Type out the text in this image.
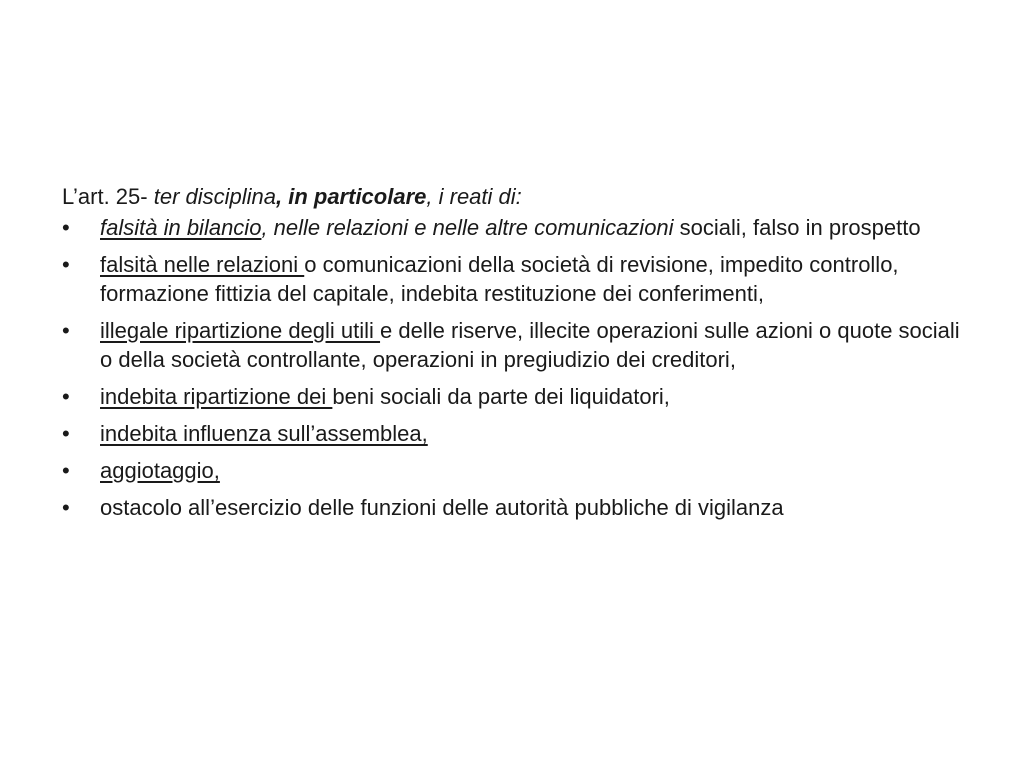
L’art. 25- ter disciplina, in particolare, i reati di:
•	falsità in bilancio, nelle relazioni e nelle altre comunicazioni sociali, falso in prospetto
•	falsità nelle relazioni o comunicazioni della società di revisione, impedito controllo, formazione fittizia del capitale, indebita restituzione dei conferimenti,
•	illegale ripartizione degli utili e delle riserve, illecite operazioni sulle azioni o quote sociali o della società controllante, operazioni in pregiudizio dei creditori,
•	indebita ripartizione dei beni sociali da parte dei liquidatori,
•	indebita influenza sull’assemblea,
•	aggiotaggio,
•	ostacolo all’esercizio delle funzioni delle autorità pubbliche di vigilanza
